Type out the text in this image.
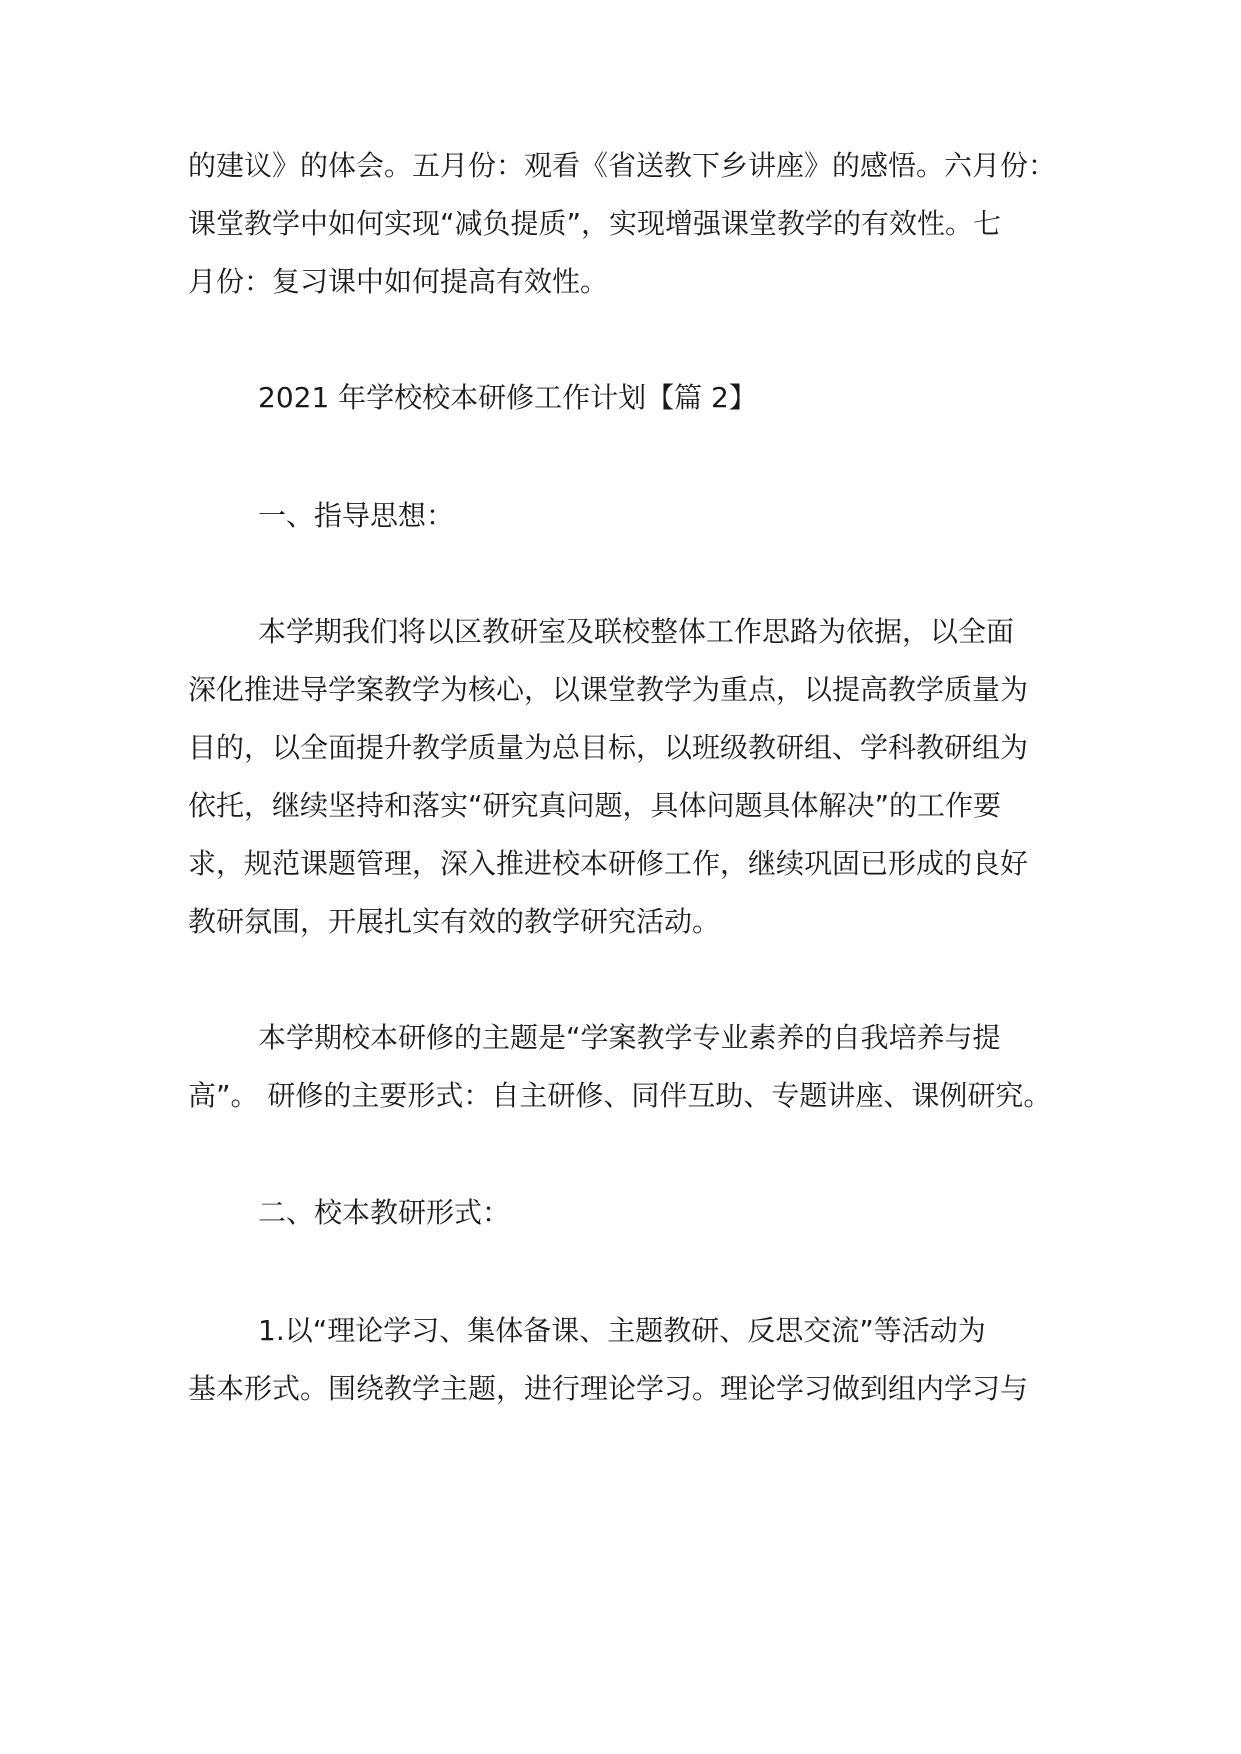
的建议》的体会。五月份：观看《省送教下乡讲座》的感悟。六月份：
课堂教学中如何实现“减负提质”，实现增强课堂教学的有效性。七
月份：复习课中如何提高有效性。
2021 年学校校本研修工作计划【篇 2】
一、指导思想：
本学期我们将以区教研室及联校整体工作思路为依据，以全面
深化推进导学案教学为核心，以课堂教学为重点，以提高教学质量为
目的，以全面提升教学质量为总目标，以班级教研组、学科教研组为
依托，继续坚持和落实“研究真问题，具体问题具体解决”的工作要
求，规范课题管理，深入推进校本研修工作，继续巩固已形成的良好
教研氛围，开展扎实有效的教学研究活动。
本学期校本研修的主题是“学案教学专业素养的自我培养与提
高”。 研修的主要形式：自主研修、同伴互助、专题讲座、课例研究。
二、校本教研形式：
1.以“理论学习、集体备课、主题教研、反思交流”等活动为
基本形式。围绕教学主题，进行理论学习。理论学习做到组内学习与
